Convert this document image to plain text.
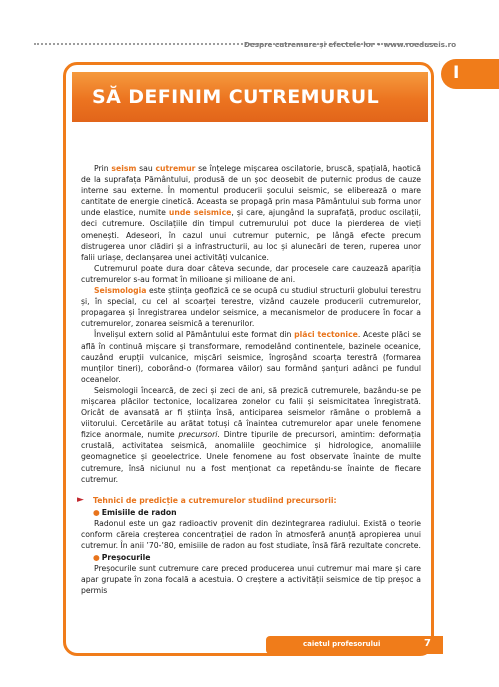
Despre cutremure și efectele lor • www.roeduseis.ro
I
SĂ DEFINIM CUTREMURUL

Prin seism sau cutremur se înțelege mișcarea oscilatorie, bruscă, spațială, haotică de la suprafața Pământului, produsă de un șoc deosebit de puternic produs de cauze interne sau externe. În momentul producerii șocului seismic, se eliberează o mare cantitate de energie cinetică. Aceasta se propagă prin masa Pământului sub forma unor unde elastice, numite unde seismice, și care, ajungând la suprafață, produc oscilații, deci cutremure. Oscilațiile din timpul cutremurului pot duce la pierderea de vieți omenești. Adeseori, în cazul unui cutremur puternic, pe lângă efecte precum distrugerea unor clădiri și a infrastructurii, au loc și alunecări de teren, ruperea unor falii uriașe, declanșarea unei activități vulcanice.

Cutremurul poate dura doar câteva secunde, dar procesele care cauzează apariția cutremurelor s-au format în milioane și milioane de ani.

Seismologia este știința geofizică ce se ocupă cu studiul structurii globului terestru și, în special, cu cel al scoarței terestre, vizând cauzele producerii cutremurelor, propagarea și înregistrarea undelor seismice, a mecanismelor de producere în focar a cutremurelor, zonarea seismică a terenurilor.

Învelișul extern solid al Pământului este format din plăci tectonice. Aceste plăci se află în continuă mișcare și transformare, remodelând continentele, bazinele oceanice, cauzând erupții vulcanice, mișcări seismice, îngroșând scoarța terestră (formarea munților tineri), coborând-o (formarea văilor) sau formând șanțuri adânci pe fundul oceanelor.

Seismologii încearcă, de zeci și zeci de ani, să prezică cutremurele, bazându-se pe mișcarea plăcilor tectonice, localizarea zonelor cu falii și seismicitatea înregistrată. Oricât de avansată ar fi știința însă, anticiparea seismelor rămâne o problemă a viitorului. Cercetările au arătat totuși că înaintea cutremurelor apar unele fenomene fizice anormale, numite precursori. Dintre tipurile de precursori, amintim: deformația crustală, activitatea seismică, anomaliile geochimice și hidrologice, anomaliile geomagnetice și geoelectrice. Unele fenomene au fost observate înainte de multe cutremure, însă niciunul nu a fost menționat ca repetându-se înainte de fiecare cutremur.

► Tehnici de predicție a cutremurelor studiind precursorii:

● Emisiile de radon

Radonul este un gaz radioactiv provenit din dezintegrarea radiului. Există o teorie conform căreia creșterea concentrației de radon în atmosferă anunță apropierea unui cutremur. În anii ’70-’80, emisiile de radon au fost studiate, însă fără rezultate concrete.

● Preșocurile

Preșocurile sunt cutremure care preced producerea unui cutremur mai mare și care apar grupate în zona focală a acestuia. O creștere a activității seismice de tip preșoc a permis

caietul profesorului	7
